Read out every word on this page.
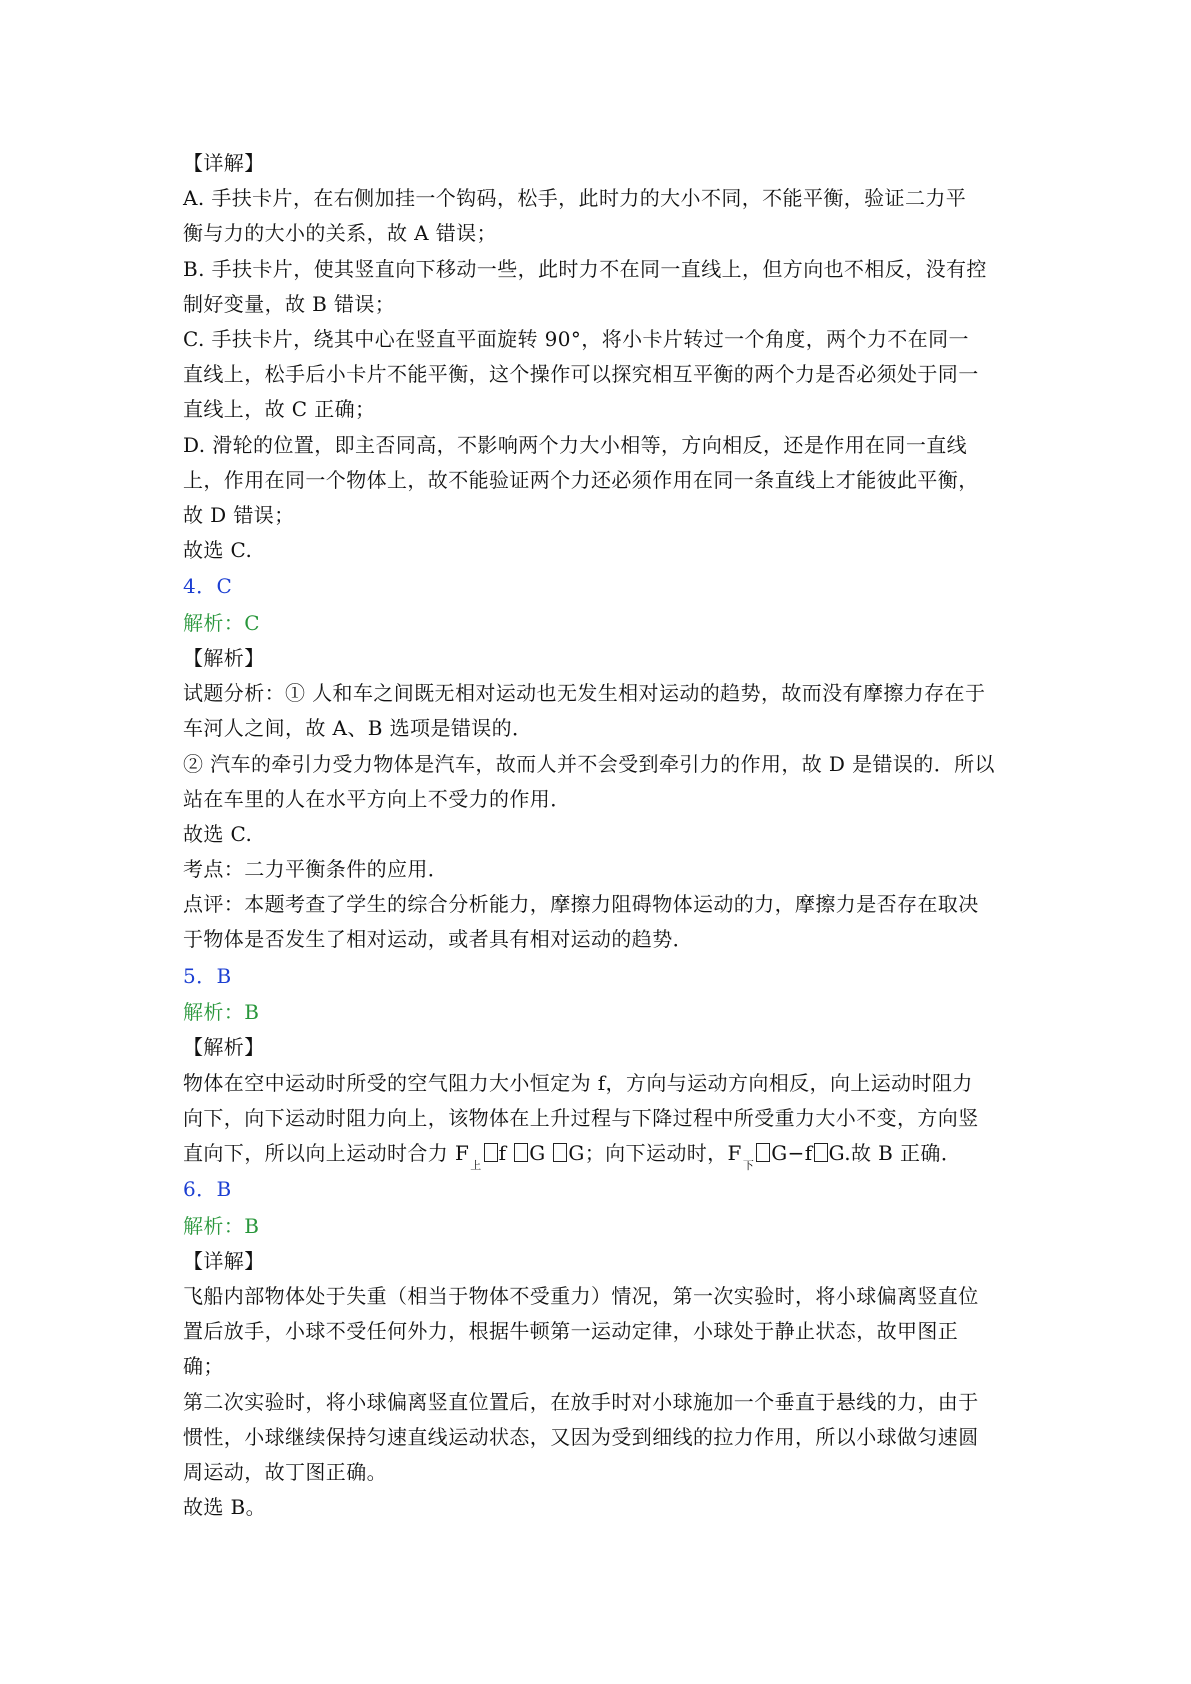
【详解】
A. 手扶卡片，在右侧加挂一个钩码，松手，此时力的大小不同，不能平衡，验证二力平
衡与力的大小的关系，故 A 错误；
B. 手扶卡片，使其竖直向下移动一些，此时力不在同一直线上，但方向也不相反，没有控
制好变量，故 B 错误；
C. 手扶卡片，绕其中心在竖直平面旋转 90°，将小卡片转过一个角度，两个力不在同一
直线上，松手后小卡片不能平衡，这个操作可以探究相互平衡的两个力是否必须处于同一
直线上，故 C 正确；
D. 滑轮的位置，即主否同高，不影响两个力大小相等，方向相反，还是作用在同一直线
上，作用在同一个物体上，故不能验证两个力还必须作用在同一条直线上才能彼此平衡，
故 D 错误；
故选 C.
4．C
解析：C
【解析】
试题分析：① 人和车之间既无相对运动也无发生相对运动的趋势，故而没有摩擦力存在于
车河人之间，故 A、B 选项是错误的．
② 汽车的牵引力受力物体是汽车，故而人并不会受到牵引力的作用，故 D 是错误的．所以
站在车里的人在水平方向上不受力的作用．
故选 C.
考点：二力平衡条件的应用．
点评：本题考查了学生的综合分析能力，摩擦力阻碍物体运动的力，摩擦力是否存在取决
于物体是否发生了相对运动，或者具有相对运动的趋势．
5．B
解析：B
【解析】
物体在空中运动时所受的空气阻力大小恒定为 f，方向与运动方向相反，向上运动时阻力
向下，向下运动时阻力向上，该物体在上升过程与下降过程中所受重力大小不变，方向竖
直向下，所以向上运动时合力 $F_上f$ G G；向下运动时，$F_下G-f$ G.故 B 正确．
6．B
解析：B
【详解】
飞船内部物体处于失重（相当于物体不受重力）情况，第一次实验时，将小球偏离竖直位
置后放手，小球不受任何外力，根据牛顿第一运动定律，小球处于静止状态，故甲图正
确；
第二次实验时，将小球偏离竖直位置后，在放手时对小球施加一个垂直于悬线的力，由于
惯性，小球继续保持匀速直线运动状态，又因为受到细线的拉力作用，所以小球做匀速圆
周运动，故丁图正确。
故选 B。
